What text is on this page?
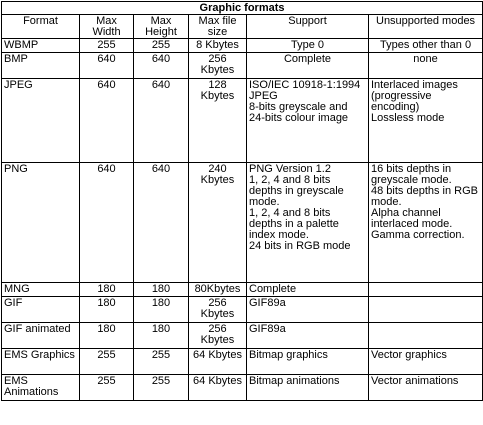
Graphic formats					
Format	Max Width	Max Height	Max file size	Support	Unsupported modes
WBMP	255	255	8 Kbytes	Type 0	Types other than 0
BMP	640	640	256 Kbytes	Complete	none
JPEG	640	640	128 Kbytes	ISO/IEC 10918-1:1994 JPEG
8-bits greyscale and
24-bits colour image	Interlaced images (progressive encoding)
Lossless mode
PNG	640	640	240 Kbytes	PNG Version 1.2
1, 2, 4 and 8 bits depths in greyscale mode.
1, 2, 4 and 8 bits depths in a palette index mode.
24 bits in RGB mode	16 bits depths in greyscale mode.
48 bits depths in RGB mode.
Alpha channel interlaced mode.
Gamma correction.
MNG	180	180	80Kbytes	Complete	
GIF	180	180	256 Kbytes	GIF89a	
GIF animated	180	180	256 Kbytes	GIF89a	
EMS Graphics	255	255	64 Kbytes	Bitmap graphics	Vector graphics
EMS Animations	255	255	64 Kbytes	Bitmap animations	Vector animations
